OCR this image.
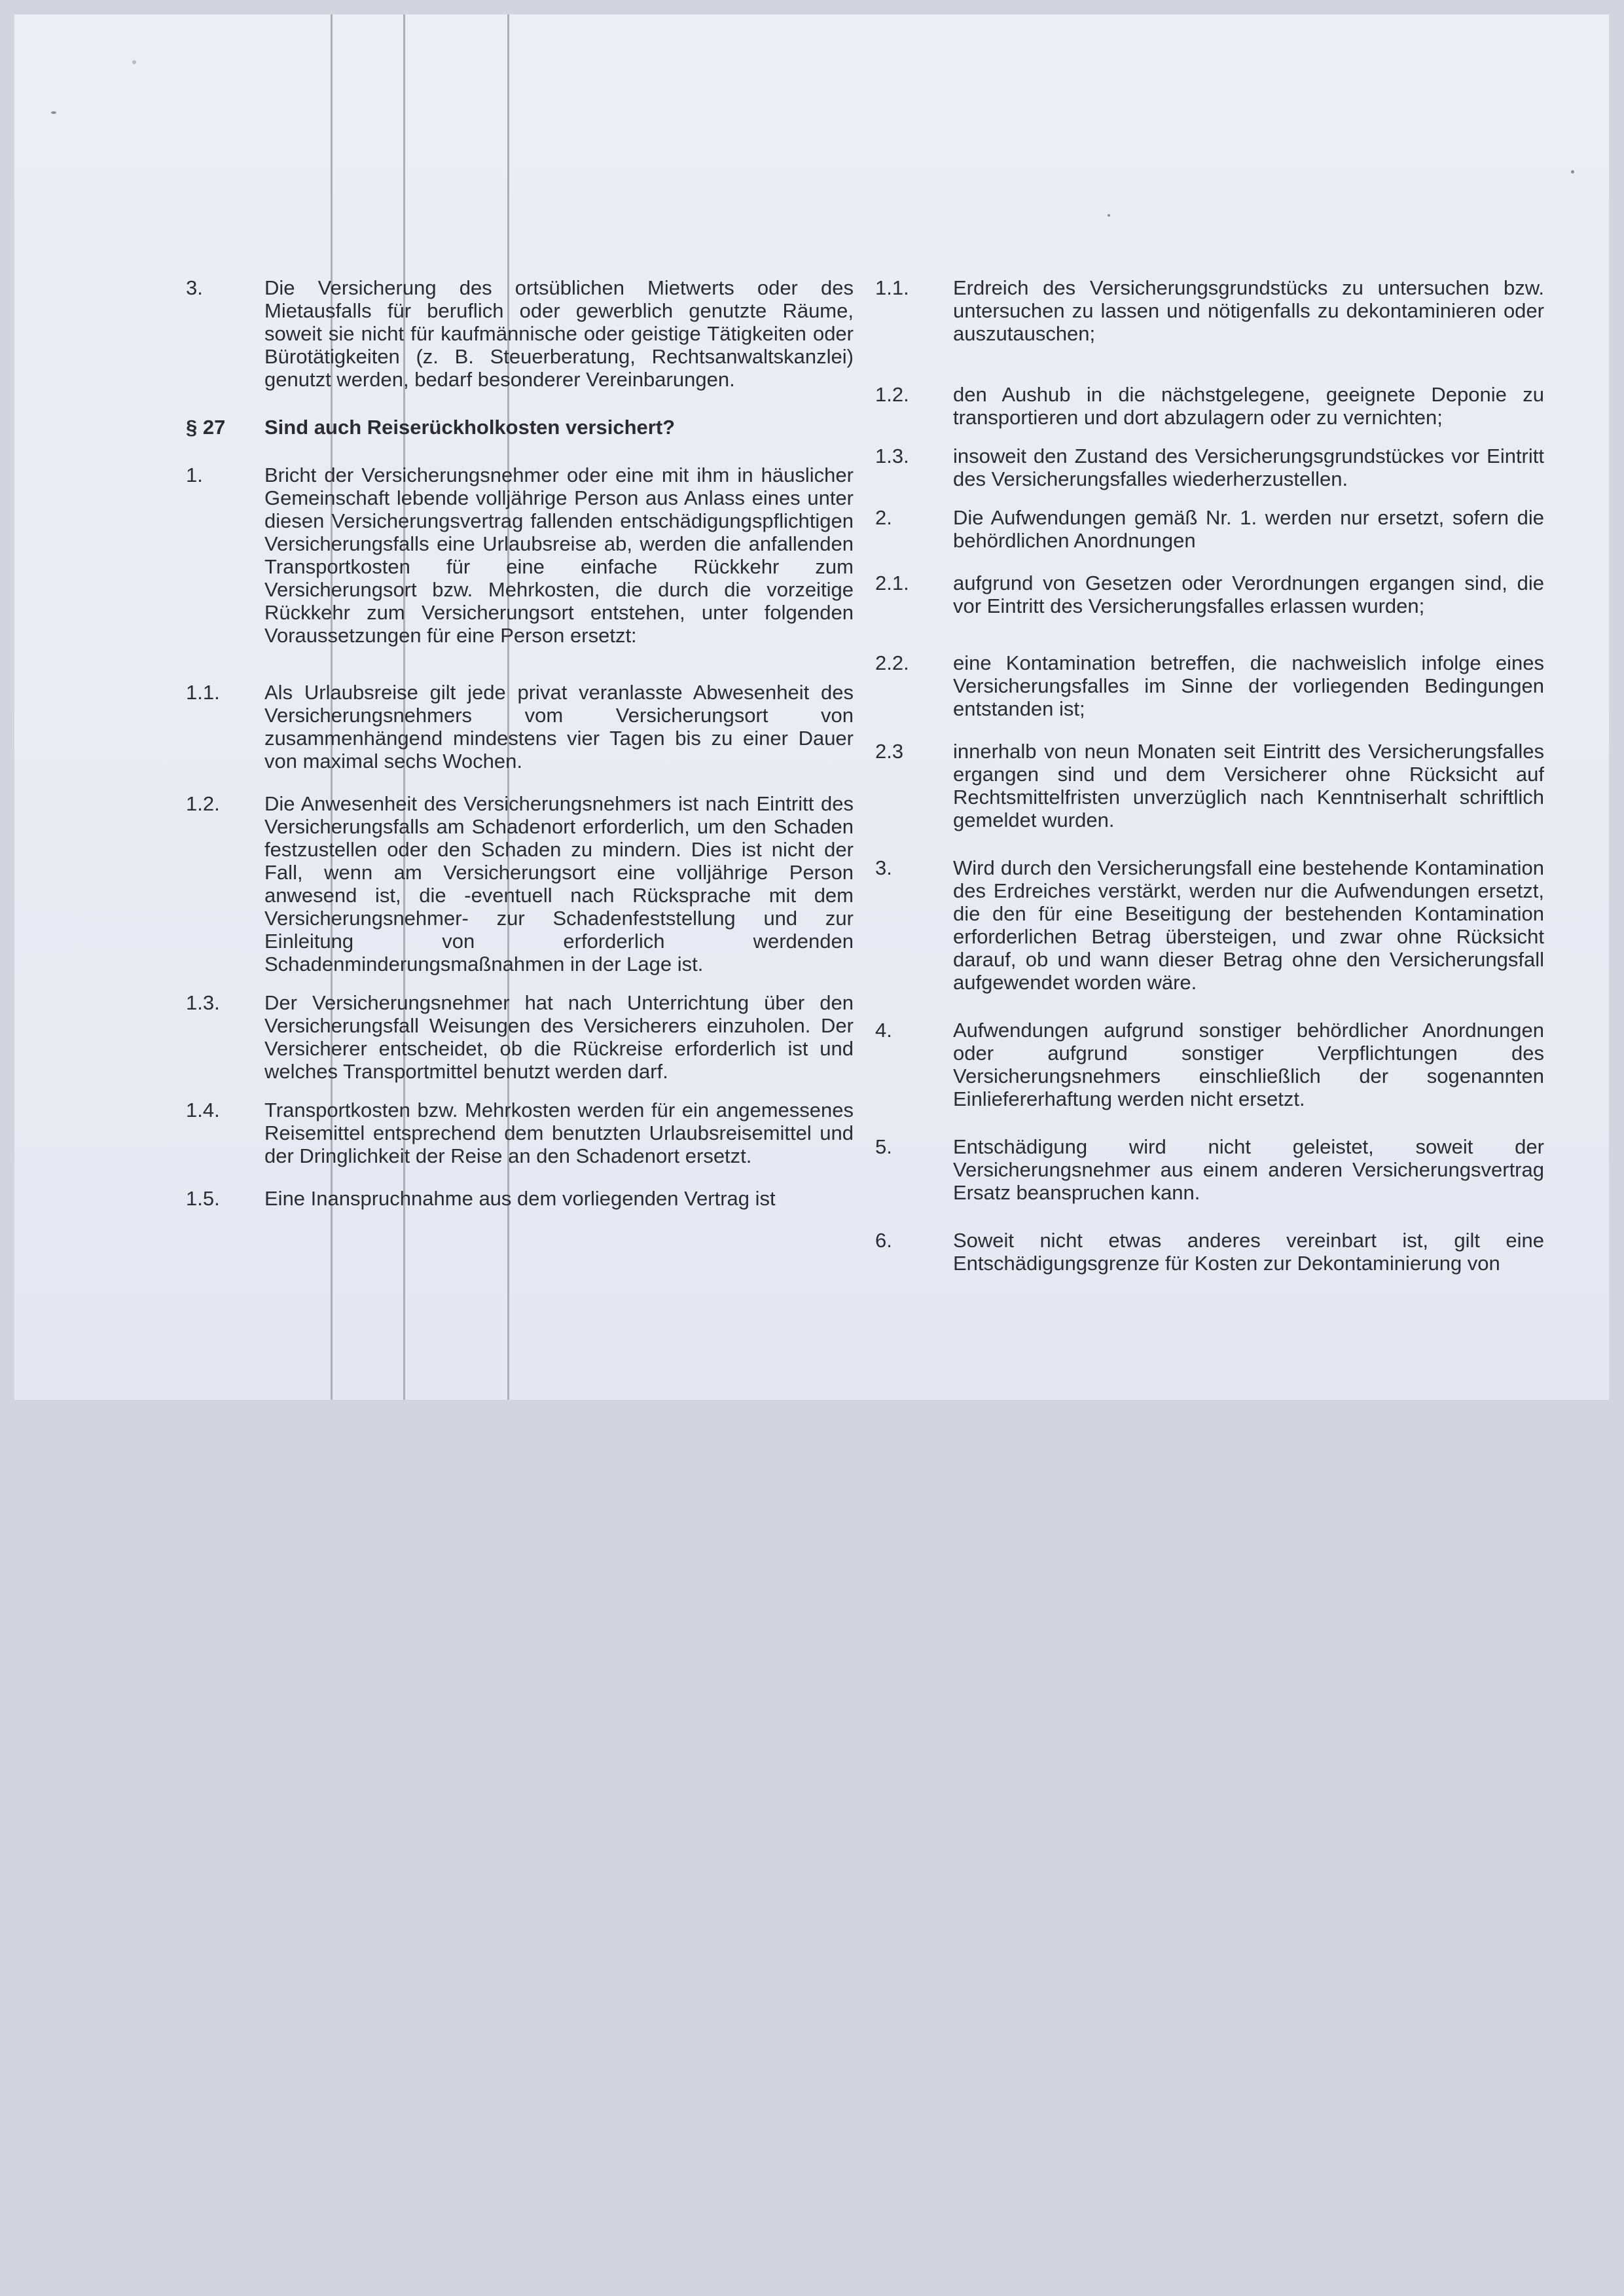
3.	Die Versicherung des ortsüblichen Mietwerts oder des Mietausfalls für beruflich oder gewerblich genutzte Räume, soweit sie nicht für kaufmännische oder geistige Tätigkeiten oder Bürotätigkeiten (z. B. Steuerberatung, Rechtsanwaltskanzlei) genutzt werden, bedarf besonderer Vereinbarungen.
§ 27	Sind auch Reiserückholkosten versichert?
1.	Bricht der Versicherungsnehmer oder eine mit ihm in häuslicher Gemeinschaft lebende volljährige Person aus Anlass eines unter diesen Versicherungsvertrag fallenden entschädigungspflichtigen Versicherungsfalls eine Urlaubsreise ab, werden die anfallenden Transportkosten für eine einfache Rückkehr zum Versicherungsort bzw. Mehrkosten, die durch die vorzeitige Rückkehr zum Versicherungsort entstehen, unter folgenden Voraussetzungen für eine Person ersetzt:
1.1.	Als Urlaubsreise gilt jede privat veranlasste Abwesenheit des Versicherungsnehmers vom Versicherungsort von zusammenhängend mindestens vier Tagen bis zu einer Dauer von maximal sechs Wochen.
1.2.	Die Anwesenheit des Versicherungsnehmers ist nach Eintritt des Versicherungsfalls am Schadenort erforderlich, um den Schaden festzustellen oder den Schaden zu mindern. Dies ist nicht der Fall, wenn am Versicherungsort eine volljährige Person anwesend ist, die -eventuell nach Rücksprache mit dem Versicherungsnehmer- zur Schadenfeststellung und zur Einleitung von erforderlich werdenden Schadenminderungsmaßnahmen in der Lage ist.
1.3.	Der Versicherungsnehmer hat nach Unterrichtung über den Versicherungsfall Weisungen des Versicherers einzuholen. Der Versicherer entscheidet, ob die Rückreise erforderlich ist und welches Transportmittel benutzt werden darf.
1.4.	Transportkosten bzw. Mehrkosten werden für ein angemessenes Reisemittel entsprechend dem benutzten Urlaubsreisemittel und der Dringlichkeit der Reise an den Schadenort ersetzt.
1.5.	Eine Inanspruchnahme aus dem vorliegenden Vertrag ist
1.1.	Erdreich des Versicherungsgrundstücks zu untersuchen bzw. untersuchen zu lassen und nötigenfalls zu dekontaminieren oder auszutauschen;
1.2.	den Aushub in die nächstgelegene, geeignete Deponie zu transportieren und dort abzulagern oder zu vernichten;
1.3.	insoweit den Zustand des Versicherungsgrundstückes vor Eintritt des Versicherungsfalles wiederherzustellen.
2.	Die Aufwendungen gemäß Nr. 1. werden nur ersetzt, sofern die behördlichen Anordnungen
2.1.	aufgrund von Gesetzen oder Verordnungen ergangen sind, die vor Eintritt des Versicherungsfalles erlassen wurden;
2.2.	eine Kontamination betreffen, die nachweislich infolge eines Versicherungsfalles im Sinne der vorliegenden Bedingungen entstanden ist;
2.3	innerhalb von neun Monaten seit Eintritt des Versicherungsfalles ergangen sind und dem Versicherer ohne Rücksicht auf Rechtsmittelfristen unverzüglich nach Kenntniserhalt schriftlich gemeldet wurden.
3.	Wird durch den Versicherungsfall eine bestehende Kontamination des Erdreiches verstärkt, werden nur die Aufwendungen ersetzt, die den für eine Beseitigung der bestehenden Kontamination erforderlichen Betrag übersteigen, und zwar ohne Rücksicht darauf, ob und wann dieser Betrag ohne den Versicherungsfall aufgewendet worden wäre.
4.	Aufwendungen aufgrund sonstiger behördlicher Anordnungen oder aufgrund sonstiger Verpflichtungen des Versicherungsnehmers einschließlich der sogenannten Einliefererhaftung werden nicht ersetzt.
5.	Entschädigung wird nicht geleistet, soweit der Versicherungsnehmer aus einem anderen Versicherungsvertrag Ersatz beanspruchen kann.
6.	Soweit nicht etwas anderes vereinbart ist, gilt eine Entschädigungsgrenze für Kosten zur Dekontaminierung von
